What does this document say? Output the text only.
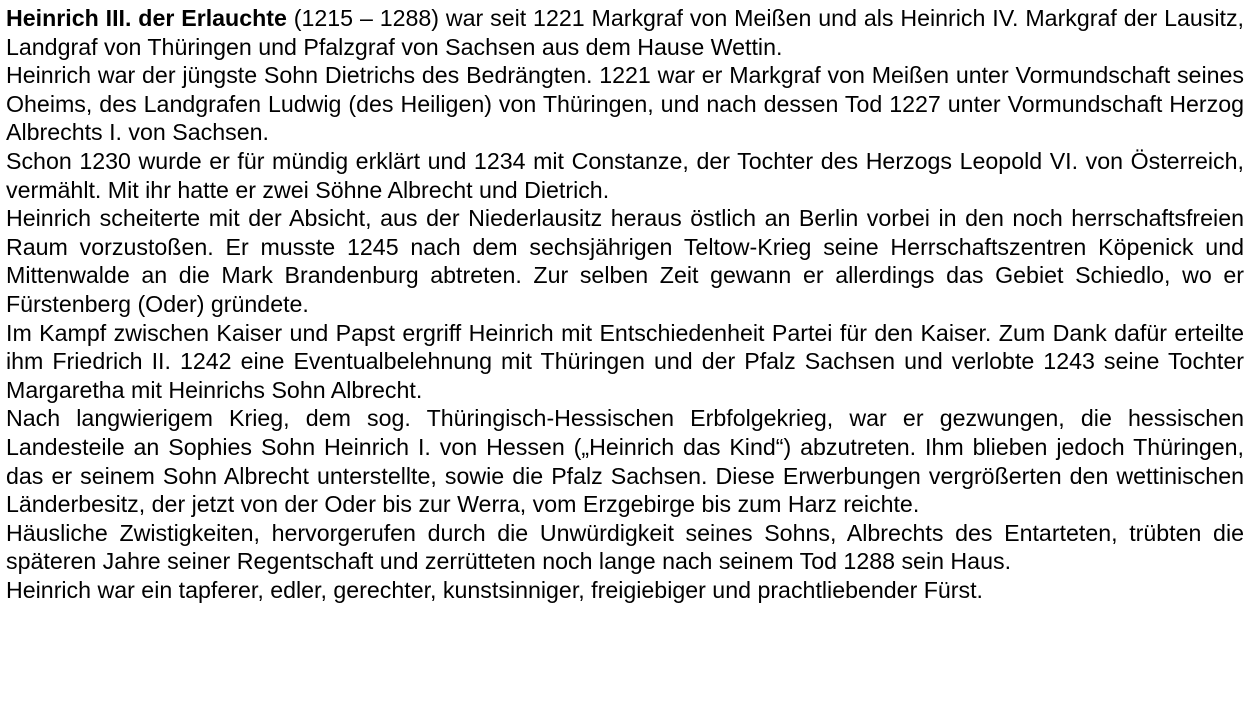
Heinrich III. der Erlauchte (1215 – 1288) war seit 1221 Markgraf von Meißen und als Heinrich IV. Markgraf der Lausitz, Landgraf von Thüringen und Pfalzgraf von Sachsen aus dem Hause Wettin.

Heinrich war der jüngste Sohn Dietrichs des Bedrängten. 1221 war er Markgraf von Meißen unter Vormundschaft seines Oheims, des Landgrafen Ludwig (des Heiligen) von Thüringen, und nach dessen Tod 1227 unter Vormundschaft Herzog Albrechts I. von Sachsen.

Schon 1230 wurde er für mündig erklärt und 1234 mit Constanze, der Tochter des Herzogs Leopold VI. von Österreich, vermählt. Mit ihr hatte er zwei Söhne Albrecht und Dietrich.

Heinrich scheiterte mit der Absicht, aus der Niederlausitz heraus östlich an Berlin vorbei in den noch herrschaftsfreien Raum vorzustoßen. Er musste 1245 nach dem sechsjährigen Teltow-Krieg seine Herrschaftszentren Köpenick und Mittenwalde an die Mark Brandenburg abtreten. Zur selben Zeit gewann er allerdings das Gebiet Schiedlo, wo er Fürstenberg (Oder) gründete.

Im Kampf zwischen Kaiser und Papst ergriff Heinrich mit Entschiedenheit Partei für den Kaiser. Zum Dank dafür erteilte ihm Friedrich II. 1242 eine Eventualbelehnung mit Thüringen und der Pfalz Sachsen und verlobte 1243 seine Tochter Margaretha mit Heinrichs Sohn Albrecht.

Nach langwierigem Krieg, dem sog. Thüringisch-Hessischen Erbfolgekrieg, war er gezwungen, die hessischen Landesteile an Sophies Sohn Heinrich I. von Hessen („Heinrich das Kind“) abzutreten. Ihm blieben jedoch Thüringen, das er seinem Sohn Albrecht unterstellte, sowie die Pfalz Sachsen. Diese Erwerbungen vergrößerten den wettinischen Länderbesitz, der jetzt von der Oder bis zur Werra, vom Erzgebirge bis zum Harz reichte.

Häusliche Zwistigkeiten, hervorgerufen durch die Unwürdigkeit seines Sohns, Albrechts des Entarteten, trübten die späteren Jahre seiner Regentschaft und zerrütteten noch lange nach seinem Tod 1288 sein Haus.

Heinrich war ein tapferer, edler, gerechter, kunstsinniger, freigiebiger und prachtliebender Fürst.
